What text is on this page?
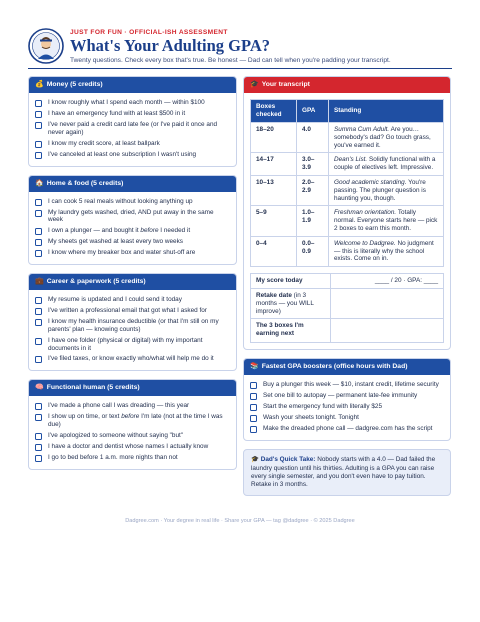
JUST FOR FUN · OFFICIAL-ISH ASSESSMENT
What's Your Adulting GPA?
Twenty questions. Check every box that's true. Be honest — Dad can tell when you're padding your transcript.
💰 Money (5 credits)
I know roughly what I spend each month — within $100
I have an emergency fund with at least $500 in it
I've never paid a credit card late fee (or I've paid it once and never again)
I know my credit score, at least ballpark
I've canceled at least one subscription I wasn't using
🏠 Home & food (5 credits)
I can cook 5 real meals without looking anything up
My laundry gets washed, dried, AND put away in the same week
I own a plunger — and bought it before I needed it
My sheets get washed at least every two weeks
I know where my breaker box and water shut-off are
💼 Career & paperwork (5 credits)
My resume is updated and I could send it today
I've written a professional email that got what I asked for
I know my health insurance deductible (or that I'm still on my parents' plan — knowing counts)
I have one folder (physical or digital) with my important documents in it
I've filed taxes, or know exactly who/what will help me do it
🧠 Functional human (5 credits)
I've made a phone call I was dreading — this year
I show up on time, or text before I'm late (not at the time I was due)
I've apologized to someone without saying "but"
I have a doctor and dentist whose names I actually know
I go to bed before 1 a.m. more nights than not
🎓 Your transcript
Boxes checked	GPA	Standing
18–20	4.0	Summa Cum Adult. Are you… somebody's dad? Go touch grass, you've earned it.
14–17	3.0–3.9	Dean's List. Solidly functional with a couple of electives left. Impressive.
10–13	2.0–2.9	Good academic standing. You're passing. The plunger question is haunting you, though.
5–9	1.0–1.9	Freshman orientation. Totally normal. Everyone starts here — pick 2 boxes to earn this month.
0–4	0.0–0.9	Welcome to Dadgree. No judgment — this is literally why the school exists. Come on in.
My score today	____ / 20 · GPA: ____
Retake date (in 3 months — you WILL improve)	
The 3 boxes I'm earning next	
📚 Fastest GPA boosters (office hours with Dad)
Buy a plunger this week — $10, instant credit, lifetime security
Set one bill to autopay — permanent late-fee immunity
Start the emergency fund with literally $25
Wash your sheets tonight. Tonight
Make the dreaded phone call — dadgree.com has the script
🎓 Dad's Quick Take: Nobody starts with a 4.0 — Dad failed the laundry question until his thirties. Adulting is a GPA you can raise every single semester, and you don't even have to pay tuition. Retake in 3 months.
Dadgree.com · Your degree in real life · Share your GPA — tag @dadgree · © 2025 Dadgree
